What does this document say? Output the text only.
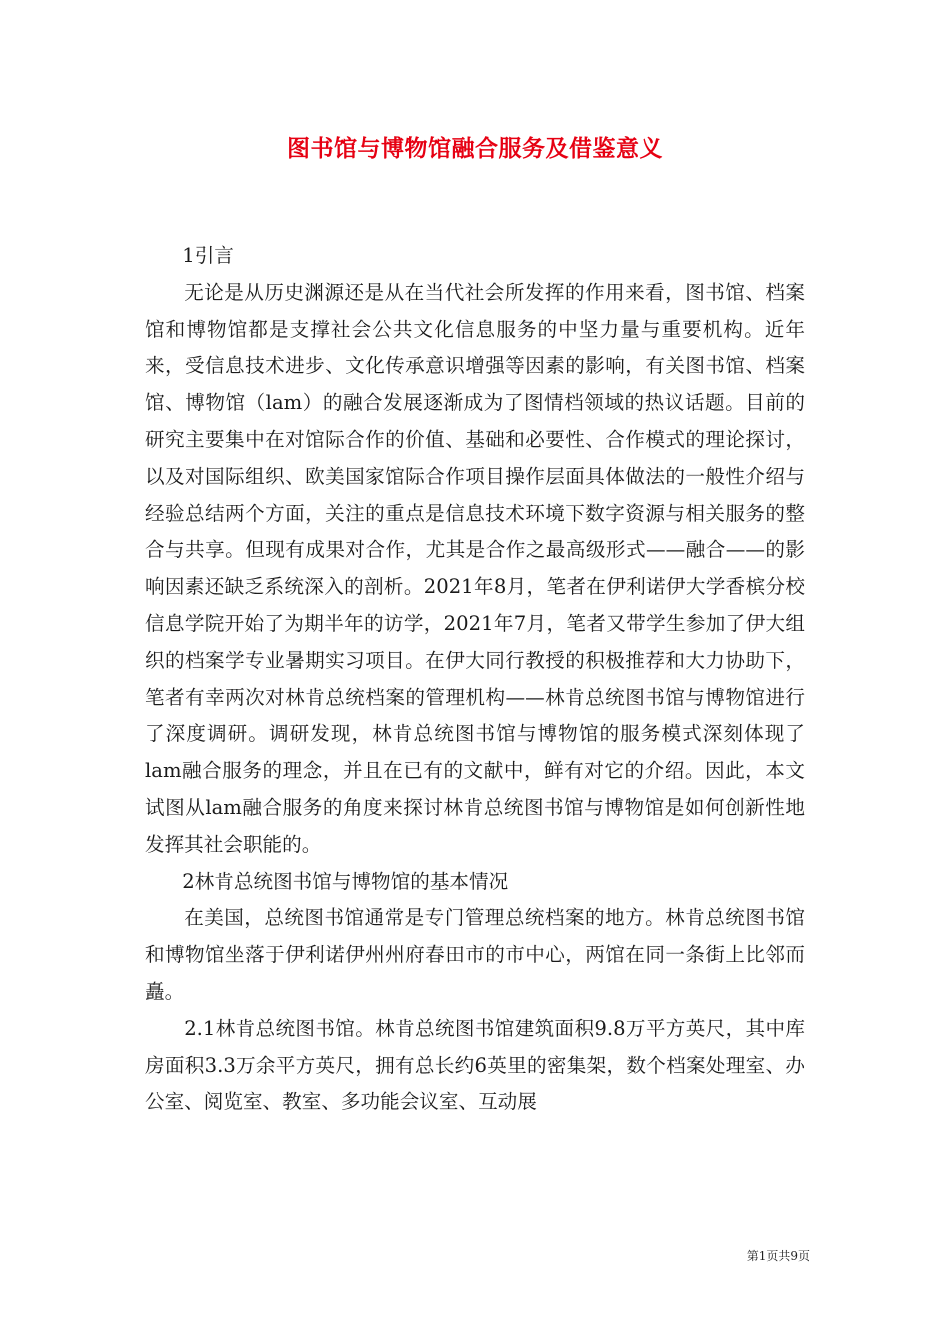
图书馆与博物馆融合服务及借鉴意义

1引言

无论是从历史渊源还是从在当代社会所发挥的作用来看，图书馆、档案馆和博物馆都是支撑社会公共文化信息服务的中坚力量与重要机构。近年来，受信息技术进步、文化传承意识增强等因素的影响，有关图书馆、档案馆、博物馆（lam）的融合发展逐渐成为了图情档领域的热议话题。目前的研究主要集中在对馆际合作的价值、基础和必要性、合作模式的理论探讨，以及对国际组织、欧美国家馆际合作项目操作层面具体做法的一般性介绍与经验总结两个方面，关注的重点是信息技术环境下数字资源与相关服务的整合与共享。但现有成果对合作，尤其是合作之最高级形式——融合——的影响因素还缺乏系统深入的剖析。2021年8月，笔者在伊利诺伊大学香槟分校信息学院开始了为期半年的访学，2021年7月，笔者又带学生参加了伊大组织的档案学专业暑期实习项目。在伊大同行教授的积极推荐和大力协助下，笔者有幸两次对林肯总统档案的管理机构——林肯总统图书馆与博物馆进行了深度调研。调研发现，林肯总统图书馆与博物馆的服务模式深刻体现了lam融合服务的理念，并且在已有的文献中，鲜有对它的介绍。因此，本文试图从lam融合服务的角度来探讨林肯总统图书馆与博物馆是如何创新性地发挥其社会职能的。

2林肯总统图书馆与博物馆的基本情况

在美国，总统图书馆通常是专门管理总统档案的地方。林肯总统图书馆和博物馆坐落于伊利诺伊州州府春田市的市中心，两馆在同一条街上比邻而矗。

2.1林肯总统图书馆。林肯总统图书馆建筑面积9.8万平方英尺，其中库房面积3.3万余平方英尺，拥有总长约6英里的密集架，数个档案处理室、办公室、阅览室、教室、多功能会议室、互动展

第1页共9页
